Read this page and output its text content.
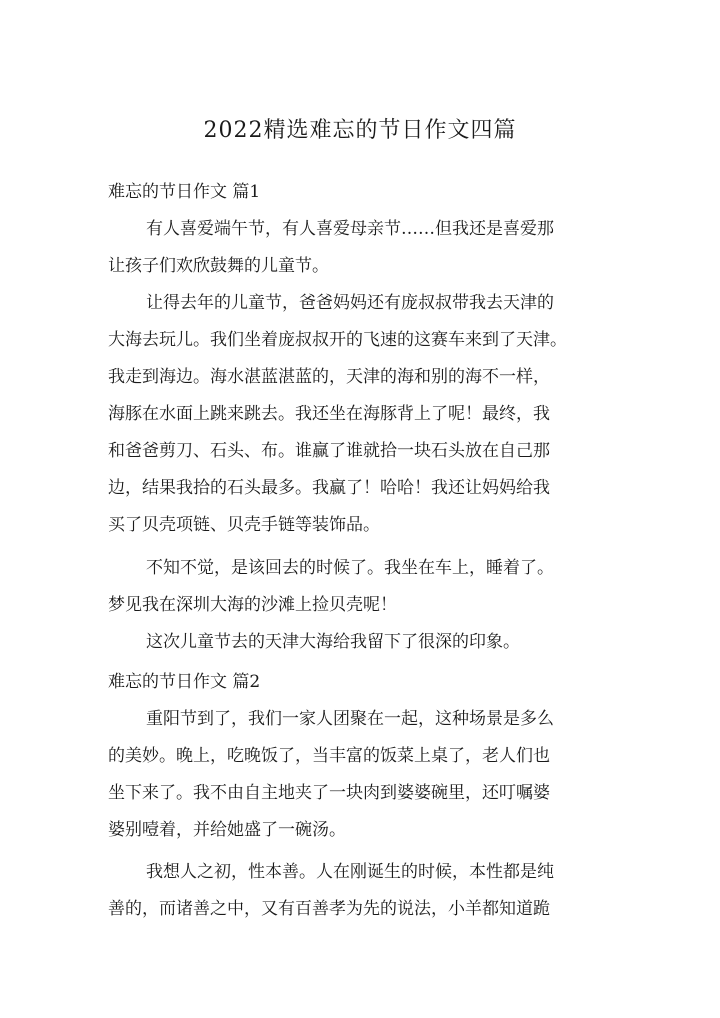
2022精选难忘的节日作文四篇
难忘的节日作文 篇1
有人喜爱端午节，有人喜爱母亲节……但我还是喜爱那
让孩子们欢欣鼓舞的儿童节。
让得去年的儿童节，爸爸妈妈还有庞叔叔带我去天津的
大海去玩儿。我们坐着庞叔叔开的飞速的这赛车来到了天津。
我走到海边。海水湛蓝湛蓝的，天津的海和别的海不一样，
海豚在水面上跳来跳去。我还坐在海豚背上了呢！最终，我
和爸爸剪刀、石头、布。谁赢了谁就拾一块石头放在自己那
边，结果我拾的石头最多。我赢了！哈哈！我还让妈妈给我
买了贝壳项链、贝壳手链等装饰品。
不知不觉，是该回去的时候了。我坐在车上，睡着了。
梦见我在深圳大海的沙滩上捡贝壳呢！
这次儿童节去的天津大海给我留下了很深的印象。
难忘的节日作文 篇2
重阳节到了，我们一家人团聚在一起，这种场景是多么
的美妙。晚上，吃晚饭了，当丰富的饭菜上桌了，老人们也
坐下来了。我不由自主地夹了一块肉到婆婆碗里，还叮嘱婆
婆别噎着，并给她盛了一碗汤。
我想人之初，性本善。人在刚诞生的时候，本性都是纯
善的，而诸善之中，又有百善孝为先的说法，小羊都知道跪
